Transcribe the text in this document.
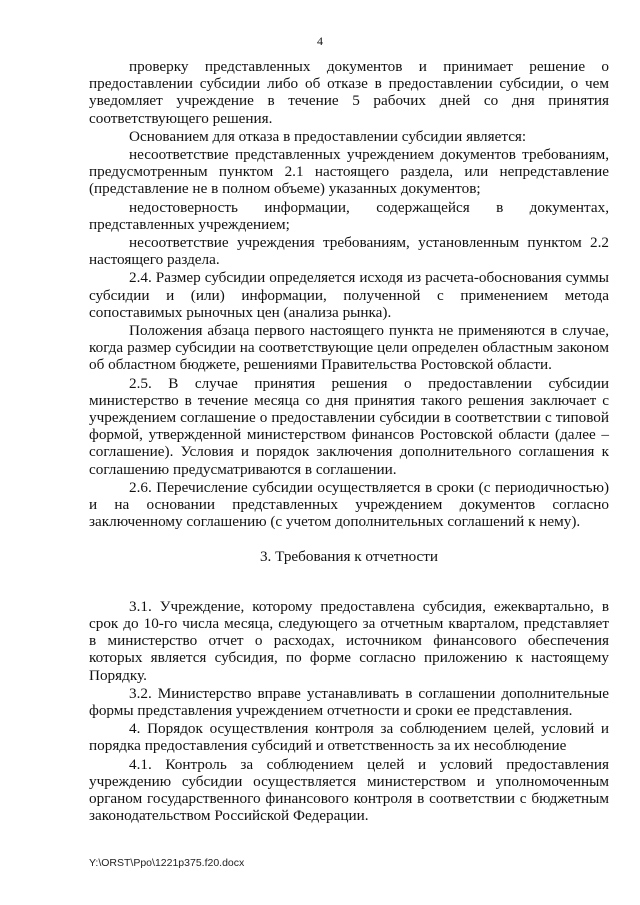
4

проверку представленных документов и принимает решение о предоставлении субсидии либо об отказе в предоставлении субсидии, о чем уведомляет учреждение в течение 5 рабочих дней со дня принятия соответствующего решения.

Основанием для отказа в предоставлении субсидии является:

несоответствие представленных учреждением документов требованиям, предусмотренным пунктом 2.1 настоящего раздела, или непредставление (представление не в полном объеме) указанных документов;

недостоверность информации, содержащейся в документах, представленных учреждением;

несоответствие учреждения требованиям, установленным пунктом 2.2 настоящего раздела.

2.4. Размер субсидии определяется исходя из расчета-обоснования суммы субсидии и (или) информации, полученной с применением метода сопоставимых рыночных цен (анализа рынка).

Положения абзаца первого настоящего пункта не применяются в случае, когда размер субсидии на соответствующие цели определен областным законом об областном бюджете, решениями Правительства Ростовской области.

2.5. В случае принятия решения о предоставлении субсидии министерство в течение месяца со дня принятия такого решения заключает с учреждением соглашение о предоставлении субсидии в соответствии с типовой формой, утвержденной министерством финансов Ростовской области (далее – соглашение). Условия и порядок заключения дополнительного соглашения к соглашению предусматриваются в соглашении.

2.6. Перечисление субсидии осуществляется в сроки (с периодичностью) и на основании представленных учреждением документов согласно заключенному соглашению (с учетом дополнительных соглашений к нему).

3. Требования к отчетности

3.1. Учреждение, которому предоставлена субсидия, ежеквартально, в срок до 10-го числа месяца, следующего за отчетным кварталом, представляет в министерство отчет о расходах, источником финансового обеспечения которых является субсидия, по форме согласно приложению к настоящему Порядку.

3.2. Министерство вправе устанавливать в соглашении дополнительные формы представления учреждением отчетности и сроки ее представления.

4. Порядок осуществления контроля за соблюдением целей, условий и порядка предоставления субсидий и ответственность за их несоблюдение

4.1. Контроль за соблюдением целей и условий предоставления учреждению субсидии осуществляется министерством и уполномоченным органом государственного финансового контроля в соответствии с бюджетным законодательством Российской Федерации.

Y:\ORST\Ppo\1221p375.f20.docx
